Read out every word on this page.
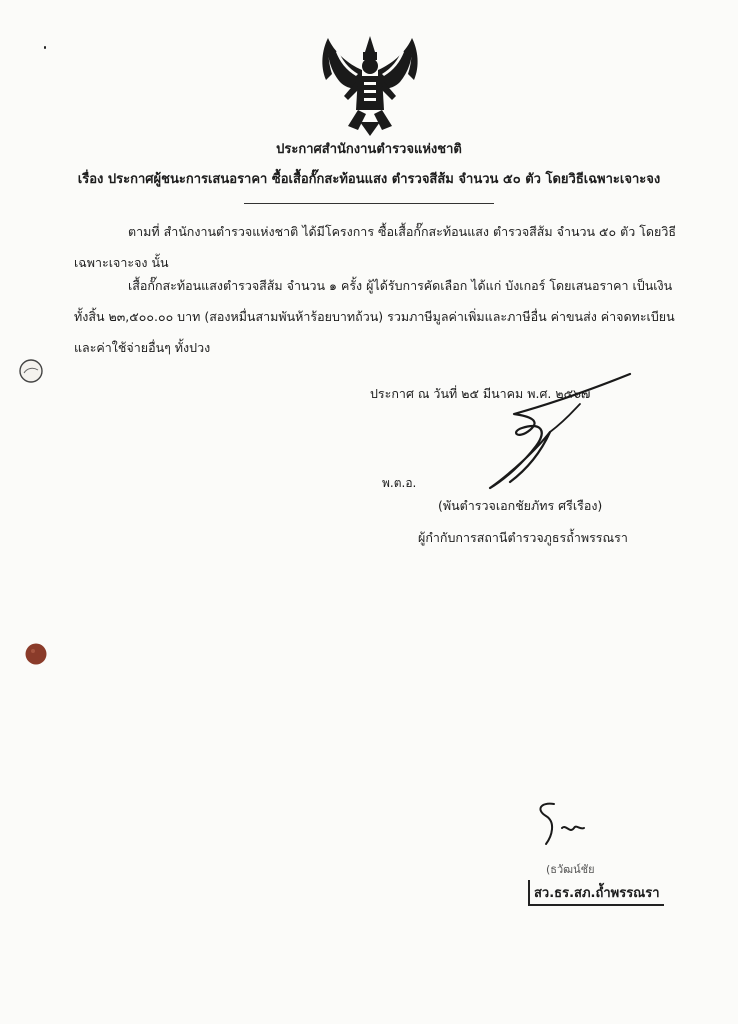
ประกาศสำนักงานตำรวจแห่งชาติ
เรื่อง ประกาศผู้ชนะการเสนอราคา ซื้อเสื้อกั๊กสะท้อนแสง ตำรวจสีส้ม จำนวน ๕๐ ตัว โดยวิธีเฉพาะเจาะจง

ตามที่ สำนักงานตำรวจแห่งชาติ ได้มีโครงการ ซื้อเสื้อกั๊กสะท้อนแสง ตำรวจสีส้ม จำนวน ๕๐ ตัว โดยวิธี

เฉพาะเจาะจง นั้น

เสื้อกั๊กสะท้อนแสงตำรวจสีส้ม จำนวน ๑ ครั้ง ผู้ได้รับการคัดเลือก ได้แก่ บังเกอร์ โดยเสนอราคา เป็นเงิน

ทั้งสิ้น ๒๓,๕๐๐.๐๐ บาท (สองหมื่นสามพันห้าร้อยบาทถ้วน) รวมภาษีมูลค่าเพิ่มและภาษีอื่น ค่าขนส่ง ค่าจดทะเบียน

และค่าใช้จ่ายอื่นๆ ทั้งปวง

ประกาศ ณ วันที่ ๒๕ มีนาคม พ.ศ. ๒๕๖๗
พ.ต.อ.
(พันตำรวจเอกชัยภัทร ศรีเรือง)
ผู้กำกับการสถานีตำรวจภูธรถ้ำพรรณรา
(ธวัฒน์ชัย
สว.ธร.สภ.ถ้ำพรรณรา
